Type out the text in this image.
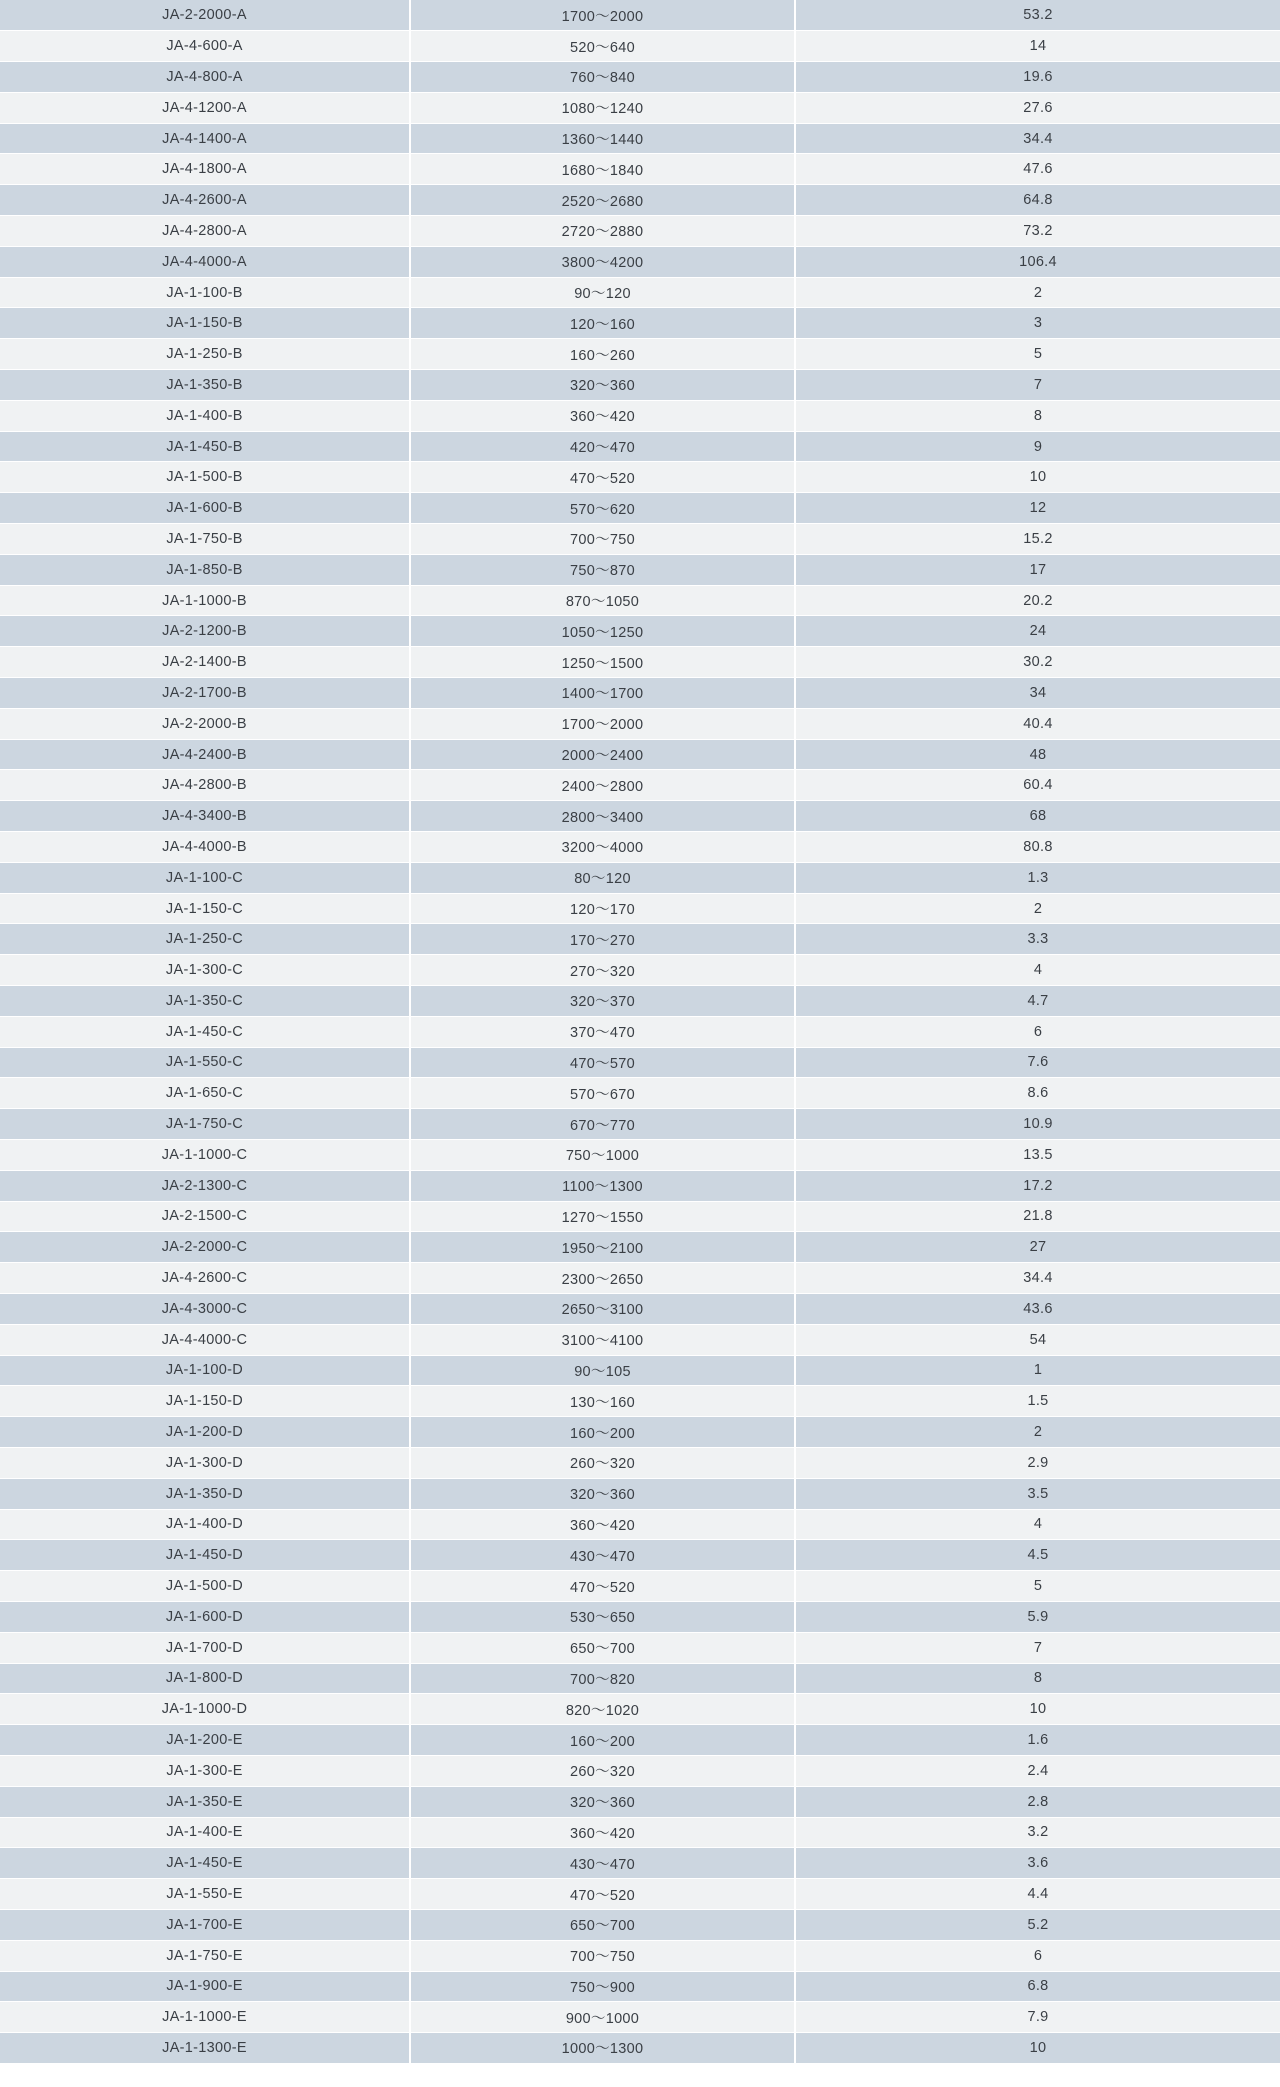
JA-2-2000-A	1700～2000	53.2
JA-4-600-A	520～640	14
JA-4-800-A	760～840	19.6
JA-4-1200-A	1080～1240	27.6
JA-4-1400-A	1360～1440	34.4
JA-4-1800-A	1680～1840	47.6
JA-4-2600-A	2520～2680	64.8
JA-4-2800-A	2720～2880	73.2
JA-4-4000-A	3800～4200	106.4
JA-1-100-B	90～120	2
JA-1-150-B	120～160	3
JA-1-250-B	160～260	5
JA-1-350-B	320～360	7
JA-1-400-B	360～420	8
JA-1-450-B	420～470	9
JA-1-500-B	470～520	10
JA-1-600-B	570～620	12
JA-1-750-B	700～750	15.2
JA-1-850-B	750～870	17
JA-1-1000-B	870～1050	20.2
JA-2-1200-B	1050～1250	24
JA-2-1400-B	1250～1500	30.2
JA-2-1700-B	1400～1700	34
JA-2-2000-B	1700～2000	40.4
JA-4-2400-B	2000～2400	48
JA-4-2800-B	2400～2800	60.4
JA-4-3400-B	2800～3400	68
JA-4-4000-B	3200～4000	80.8
JA-1-100-C	80～120	1.3
JA-1-150-C	120～170	2
JA-1-250-C	170～270	3.3
JA-1-300-C	270～320	4
JA-1-350-C	320～370	4.7
JA-1-450-C	370～470	6
JA-1-550-C	470～570	7.6
JA-1-650-C	570～670	8.6
JA-1-750-C	670～770	10.9
JA-1-1000-C	750～1000	13.5
JA-2-1300-C	1100～1300	17.2
JA-2-1500-C	1270～1550	21.8
JA-2-2000-C	1950～2100	27
JA-4-2600-C	2300～2650	34.4
JA-4-3000-C	2650～3100	43.6
JA-4-4000-C	3100～4100	54
JA-1-100-D	90～105	1
JA-1-150-D	130～160	1.5
JA-1-200-D	160～200	2
JA-1-300-D	260～320	2.9
JA-1-350-D	320～360	3.5
JA-1-400-D	360～420	4
JA-1-450-D	430～470	4.5
JA-1-500-D	470～520	5
JA-1-600-D	530～650	5.9
JA-1-700-D	650～700	7
JA-1-800-D	700～820	8
JA-1-1000-D	820～1020	10
JA-1-200-E	160～200	1.6
JA-1-300-E	260～320	2.4
JA-1-350-E	320～360	2.8
JA-1-400-E	360～420	3.2
JA-1-450-E	430～470	3.6
JA-1-550-E	470～520	4.4
JA-1-700-E	650～700	5.2
JA-1-750-E	700～750	6
JA-1-900-E	750～900	6.8
JA-1-1000-E	900～1000	7.9
JA-1-1300-E	1000～1300	10
